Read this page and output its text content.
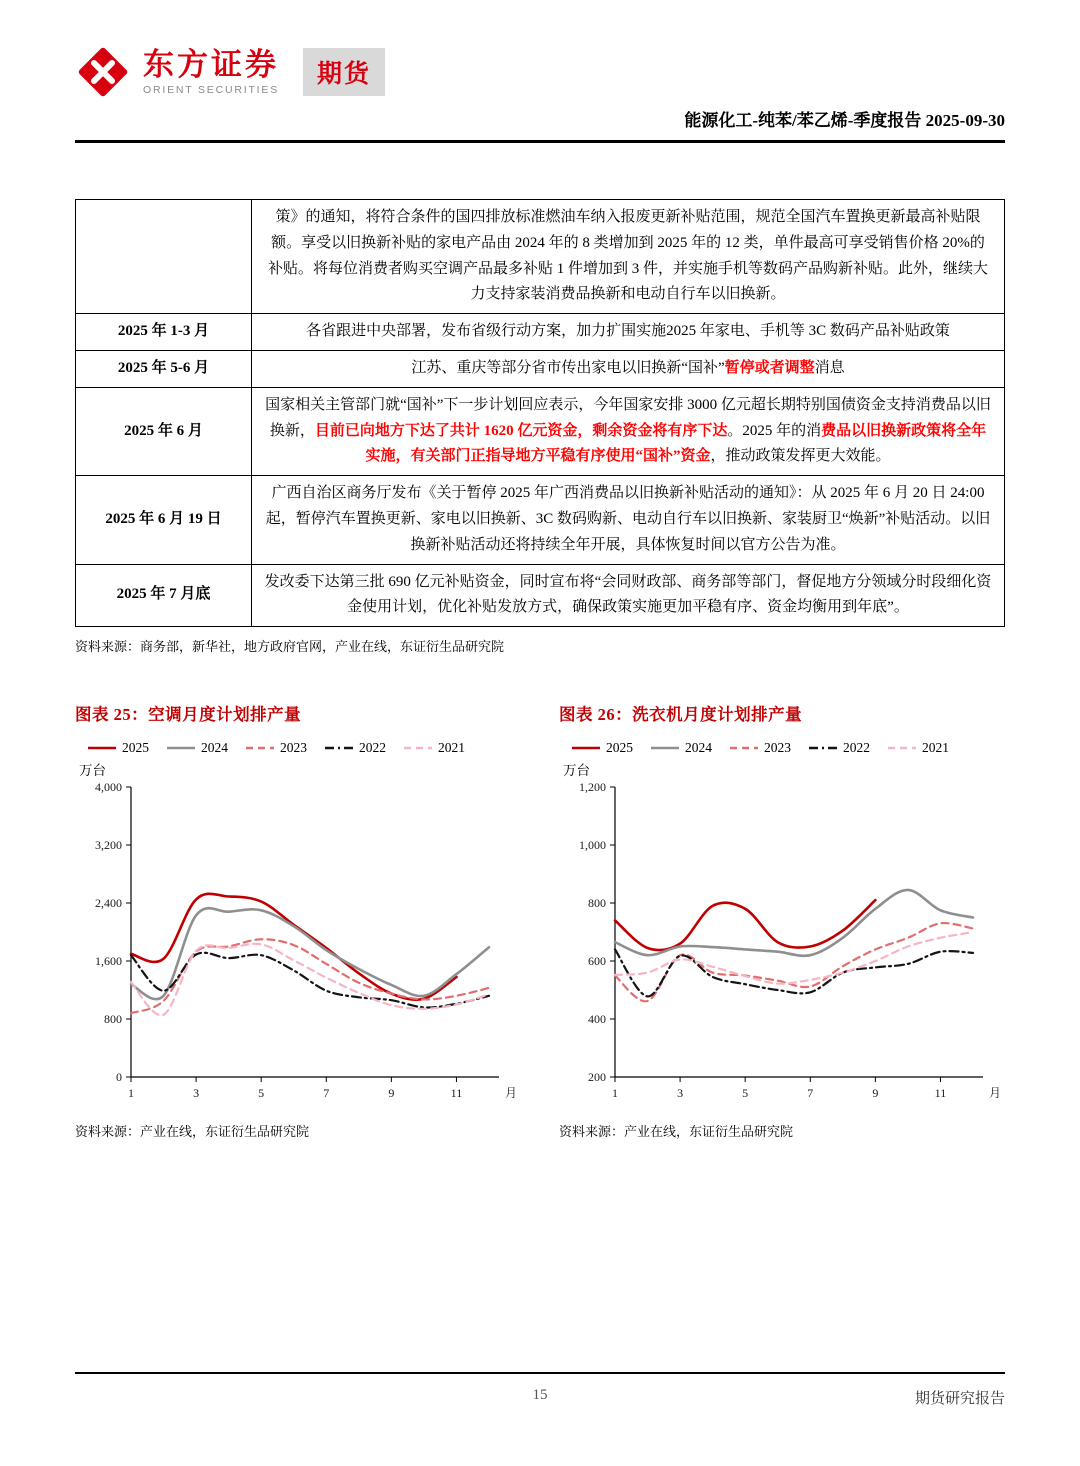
东方证券
ORIENT SECURITIES
期货
能源化工-纯苯/苯乙烯-季度报告 2025-09-30
	策》的通知，将符合条件的国四排放标准燃油车纳入报废更新补贴范围，规范全国汽车置换更新最高补贴限额。享受以旧换新补贴的家电产品由 2024 年的 8 类增加到 2025 年的 12 类，单件最高可享受销售价格 20%的补贴。将每位消费者购买空调产品最多补贴 1 件增加到 3 件，并实施手机等数码产品购新补贴。此外，继续大力支持家装消费品换新和电动自行车以旧换新。
2025 年 1-3 月	各省跟进中央部署，发布省级行动方案，加力扩围实施2025 年家电、手机等 3C 数码产品补贴政策
2025 年 5-6 月	江苏、重庆等部分省市传出家电以旧换新“国补”暂停或者调整消息
2025 年 6 月	国家相关主管部门就“国补”下一步计划回应表示，今年国家安排 3000 亿元超长期特别国债资金支持消费品以旧换新，目前已向地方下达了共计 1620 亿元资金，剩余资金将有序下达。2025 年的消费品以旧换新政策将全年实施，有关部门正指导地方平稳有序使用“国补”资金，推动政策发挥更大效能。
2025 年 6 月 19 日	广西自治区商务厅发布《关于暂停 2025 年广西消费品以旧换新补贴活动的通知》：从 2025 年 6 月 20 日 24:00 起，暂停汽车置换更新、家电以旧换新、3C 数码购新、电动自行车以旧换新、家装厨卫“焕新”补贴活动。以旧换新补贴活动还将持续全年开展，具体恢复时间以官方公告为准。
2025 年 7 月底	发改委下达第三批 690 亿元补贴资金，同时宣布将“会同财政部、商务部等部门，督促地方分领域分时段细化资金使用计划，优化补贴发放方式，确保政策实施更加平稳有序、资金均衡用到年底”。
资料来源：商务部，新华社，地方政府官网，产业在线，东证衍生品研究院
图表 25：空调月度计划排产量
2025	2024	2023	2022	2021
万台
0
800
1,600
2,400
3,200
4,000
1	3	5	7	9	11	月
资料来源：产业在线，东证衍生品研究院
图表 26：洗衣机月度计划排产量
2025	2024	2023	2022	2021
万台
200
400
600
800
1,000
1,200
1	3	5	7	9	11	月
资料来源：产业在线，东证衍生品研究院
15	期货研究报告
